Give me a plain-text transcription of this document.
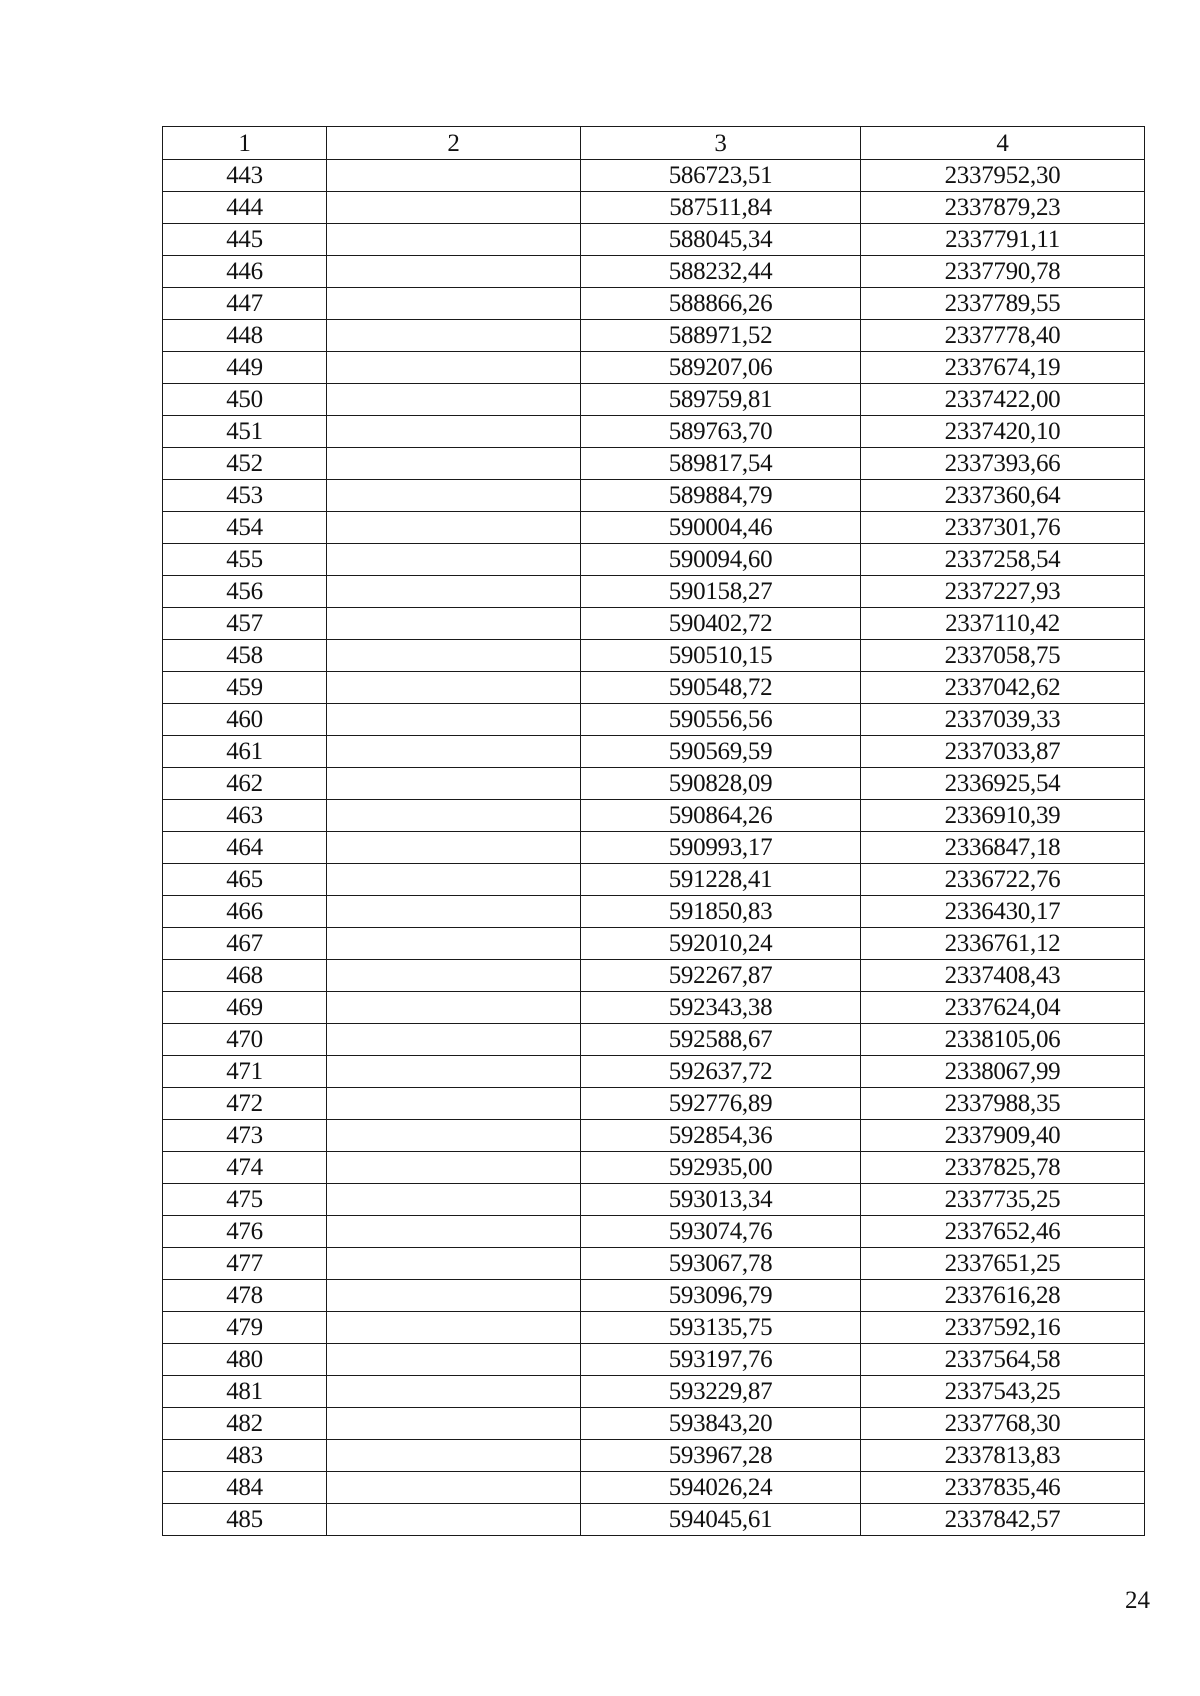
1	2	3	4
443		586723,51	2337952,30
444		587511,84	2337879,23
445		588045,34	2337791,11
446		588232,44	2337790,78
447		588866,26	2337789,55
448		588971,52	2337778,40
449		589207,06	2337674,19
450		589759,81	2337422,00
451		589763,70	2337420,10
452		589817,54	2337393,66
453		589884,79	2337360,64
454		590004,46	2337301,76
455		590094,60	2337258,54
456		590158,27	2337227,93
457		590402,72	2337110,42
458		590510,15	2337058,75
459		590548,72	2337042,62
460		590556,56	2337039,33
461		590569,59	2337033,87
462		590828,09	2336925,54
463		590864,26	2336910,39
464		590993,17	2336847,18
465		591228,41	2336722,76
466		591850,83	2336430,17
467		592010,24	2336761,12
468		592267,87	2337408,43
469		592343,38	2337624,04
470		592588,67	2338105,06
471		592637,72	2338067,99
472		592776,89	2337988,35
473		592854,36	2337909,40
474		592935,00	2337825,78
475		593013,34	2337735,25
476		593074,76	2337652,46
477		593067,78	2337651,25
478		593096,79	2337616,28
479		593135,75	2337592,16
480		593197,76	2337564,58
481		593229,87	2337543,25
482		593843,20	2337768,30
483		593967,28	2337813,83
484		594026,24	2337835,46
485		594045,61	2337842,57
24
